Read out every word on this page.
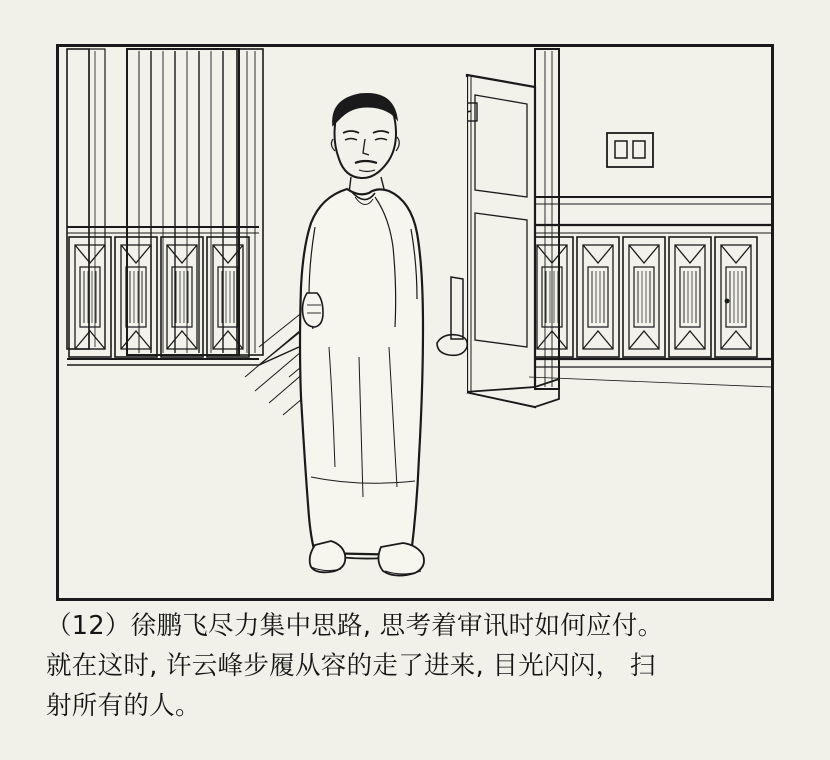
（12）徐鹏飞尽力集中思路, 思考着审讯时如何应付。
就在这时, 许云峰步履从容的走了进来, 目光闪闪， 扫
射所有的人。
